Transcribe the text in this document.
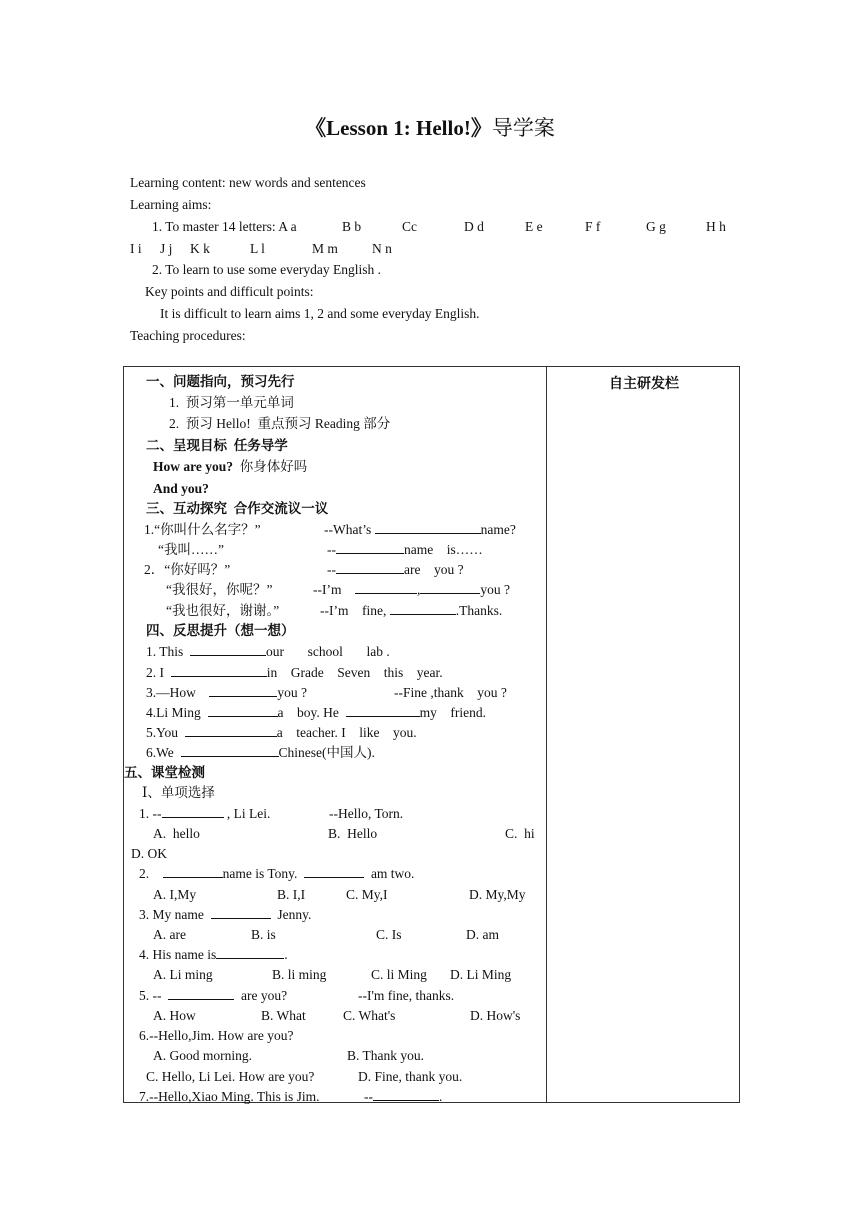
《Lesson 1: Hello!》导学案
Learning content: new words and sentences
Learning aims:
1. To master 14 letters: A a	B b	Cc	D d	E e	F f	G g	H h
I i J j K k	L l	M m	N n
2. To learn to use some everyday English .
Key points and difficult points:
It is difficult to learn aims 1, 2 and some everyday English.
Teaching procedures:
自主研发栏
一、问题指向，预习先行
1.  预习第一单元单词
2.  预习 Hello!  重点预习 Reading 部分
二、呈现目标  任务导学
How are you? 你身体好吗
And you?
三、互动探究  合作交流议一议
1.“你叫什么名字？”	--What’s	name?
“我叫……”	--	name    is……
2．“你好吗？”	--	are    you ?
“我很好，你呢？”	--I’m	,	you ?
“我也很好，谢谢。”	--I’m    fine,	.Thanks.
四、反思提升（想一想）
1. This	our       school       lab .
2. I	in    Grade    Seven    this    year.
3.—How	you ?	--Fine ,thank    you ?
4.Li Ming	a    boy. He	my    friend.
5.You	a    teacher. I    like    you.
6.We	Chinese(中国人).
五、课堂检测
Ⅰ、单项选择
1. --	, Li Lei.	--Hello, Torn.
A.  hello	B.  Hello	C.  hi
D. OK
2.	name is Tony.	am two.
A. I,My	B. I,I	C. My,I	D. My,My
3. My name	Jenny.
A. are	B. is	C. Is	D. am
4. His name is	.
A. Li ming	B. li ming	C. li Ming D. Li Ming
5. --	are you?	--I'm fine, thanks.
A. How	B. What	C. What's	D. How's
6.--Hello,Jim. How are you?
A. Good morning.	B. Thank you.
C. Hello, Li Lei. How are you?	D. Fine, thank you.
7.--Hello,Xiao Ming. This is Jim.	--	.
